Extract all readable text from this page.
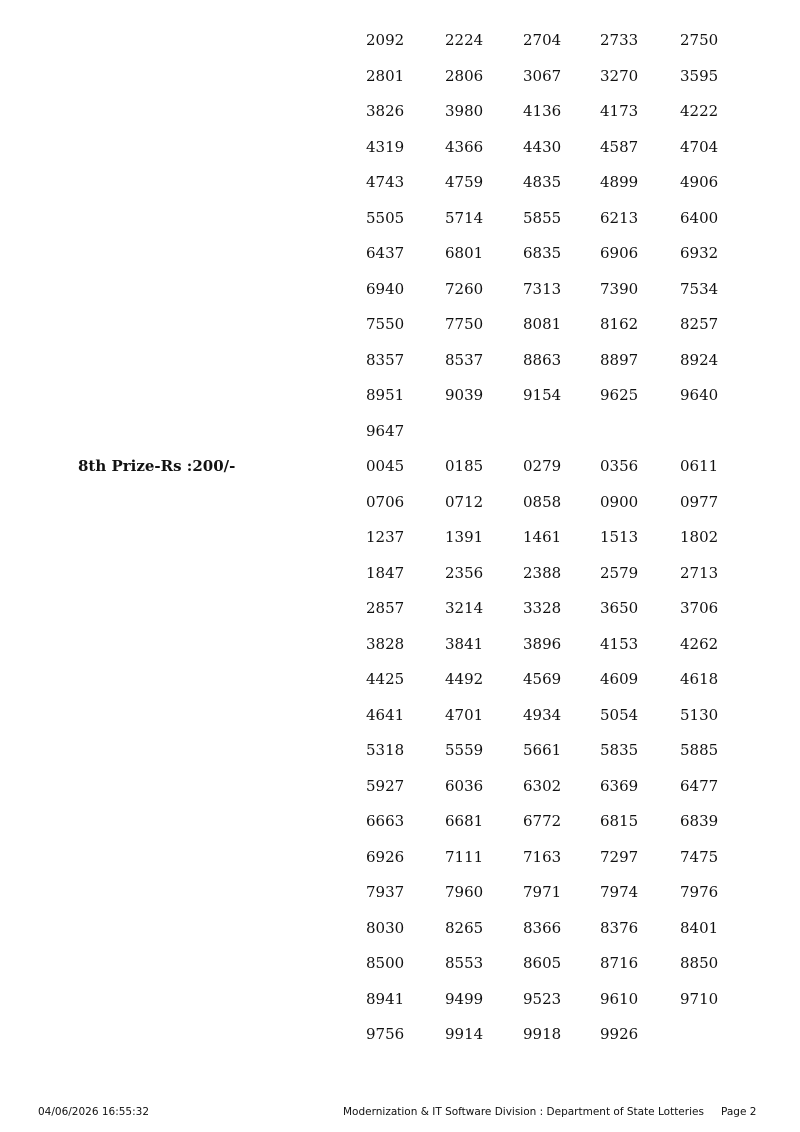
2092	2224	2704	2733	2750
2801	2806	3067	3270	3595
3826	3980	4136	4173	4222
4319	4366	4430	4587	4704
4743	4759	4835	4899	4906
5505	5714	5855	6213	6400
6437	6801	6835	6906	6932
6940	7260	7313	7390	7534
7550	7750	8081	8162	8257
8357	8537	8863	8897	8924
8951	9039	9154	9625	9640
9647
8th Prize-Rs :200/-	0045	0185	0279	0356	0611
0706	0712	0858	0900	0977
1237	1391	1461	1513	1802
1847	2356	2388	2579	2713
2857	3214	3328	3650	3706
3828	3841	3896	4153	4262
4425	4492	4569	4609	4618
4641	4701	4934	5054	5130
5318	5559	5661	5835	5885
5927	6036	6302	6369	6477
6663	6681	6772	6815	6839
6926	7111	7163	7297	7475
7937	7960	7971	7974	7976
8030	8265	8366	8376	8401
8500	8553	8605	8716	8850
8941	9499	9523	9610	9710
9756	9914	9918	9926
04/06/2026 16:55:32	Modernization & IT Software Division : Department of State Lotteries Page 2
